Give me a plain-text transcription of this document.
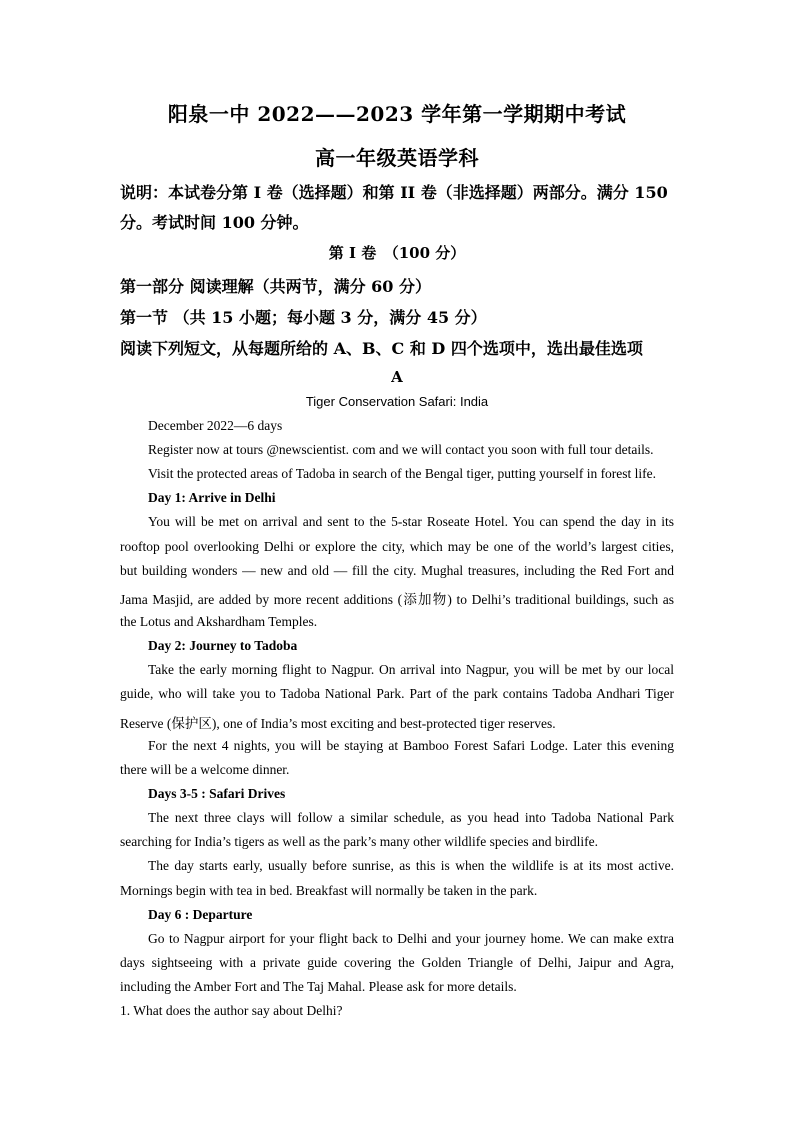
阳泉一中 2022——2023 学年第一学期期中考试
高一年级英语学科
说明：本试卷分第 I 卷（选择题）和第 II 卷（非选择题）两部分。满分 150
分。考试时间 100 分钟。
第 I 卷　（100 分）
第一部分 阅读理解（共两节，满分 60 分）
第一节 （共 15 小题；每小题 3 分，满分 45 分）
阅读下列短文，从每题所给的 A、B、C 和 D 四个选项中，选出最佳选项
A
Tiger Conservation Safari: India
December 2022—6 days
Register now at tours @newscientist. com and we will contact you soon with full tour details.
Visit the protected areas of Tadoba in search of the Bengal tiger, putting yourself in forest life.
Day 1: Arrive in Delhi
You will be met on arrival and sent to the 5-star Roseate Hotel. You can spend the day in its
rooftop pool overlooking Delhi or explore the city, which may be one of the world’s largest cities,
but building wonders — new and old — fill the city. Mughal treasures, including the Red Fort and
Jama Masjid, are added by more recent additions (添加物) to Delhi’s traditional buildings, such as
the Lotus and Akshardham Temples.
Day 2: Journey to Tadoba
Take the early morning flight to Nagpur. On arrival into Nagpur, you will be met by our local
guide, who will take you to Tadoba National Park. Part of the park contains Tadoba Andhari Tiger
Reserve (保护区), one of India’s most exciting and best-protected tiger reserves.
For the next 4 nights, you will be staying at Bamboo Forest Safari Lodge. Later this evening
there will be a welcome dinner.
Days 3-5 : Safari Drives
The next three clays will follow a similar schedule, as you head into Tadoba National Park
searching for India’s tigers as well as the park’s many other wildlife species and birdlife.
The day starts early, usually before sunrise, as this is when the wildlife is at its most active.
Mornings begin with tea in bed. Breakfast will normally be taken in the park.
Day 6 : Departure
Go to Nagpur airport for your flight back to Delhi and your journey home. We can make extra
days sightseeing with a private guide covering the Golden Triangle of Delhi, Jaipur and Agra,
including the Amber Fort and The Taj Mahal. Please ask for more details.
1. What does the author say about Delhi?
